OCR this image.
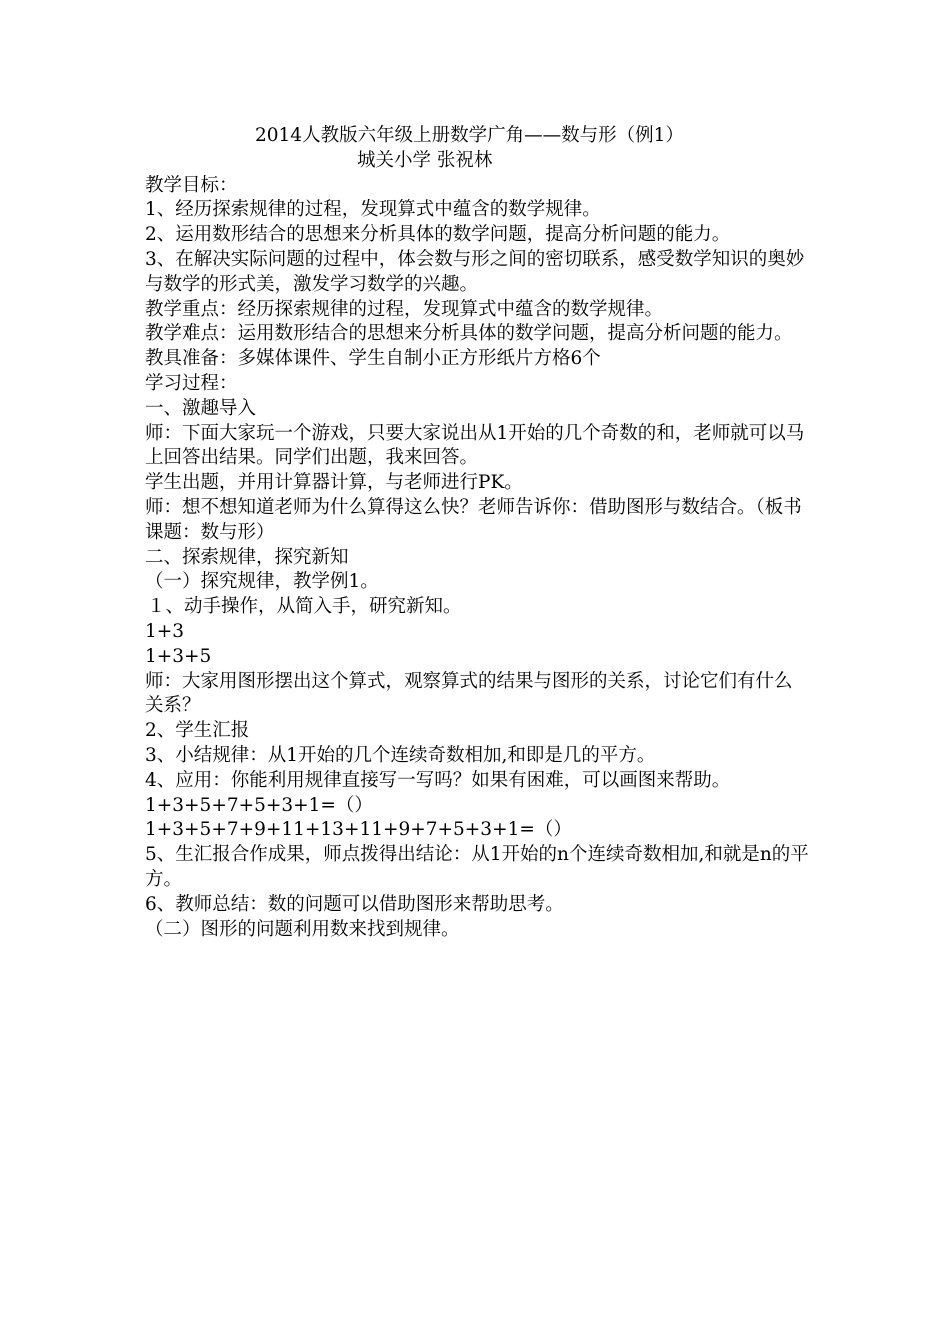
2014人教版六年级上册数学广角——数与形（例1）

城关小学 张祝林

教学目标：

1、经历探索规律的过程，发现算式中蕴含的数学规律。

2、运用数形结合的思想来分析具体的数学问题，提高分析问题的能力。

3、在解决实际问题的过程中，体会数与形之间的密切联系，感受数学知识的奥妙与数学的形式美，激发学习数学的兴趣。

教学重点：经历探索规律的过程，发现算式中蕴含的数学规律。

教学难点：运用数形结合的思想来分析具体的数学问题，提高分析问题的能力。

教具准备：多媒体课件、学生自制小正方形纸片方格6个

学习过程：

一、激趣导入

师：下面大家玩一个游戏，只要大家说出从1开始的几个奇数的和，老师就可以马上回答出结果。同学们出题，我来回答。

学生出题，并用计算器计算，与老师进行PK。

师：想不想知道老师为什么算得这么快？老师告诉你：借助图形与数结合。（板书课题：数与形）

二、探索规律，探究新知

（一）探究规律，教学例1。

１、动手操作，从简入手，研究新知。

1+3

1+3+5

师：大家用图形摆出这个算式，观察算式的结果与图形的关系，讨论它们有什么关系？

2、学生汇报

3、小结规律：从1开始的几个连续奇数相加,和即是几的平方。

4、应用：你能利用规律直接写一写吗？如果有困难，可以画图来帮助。

1+3+5+7+5+3+1=（）

1+3+5+7+9+11+13+11+9+7+5+3+1=（）

5、生汇报合作成果，师点拨得出结论：从1开始的n个连续奇数相加,和就是n的平方。

6、教师总结：数的问题可以借助图形来帮助思考。

（二）图形的问题利用数来找到规律。
